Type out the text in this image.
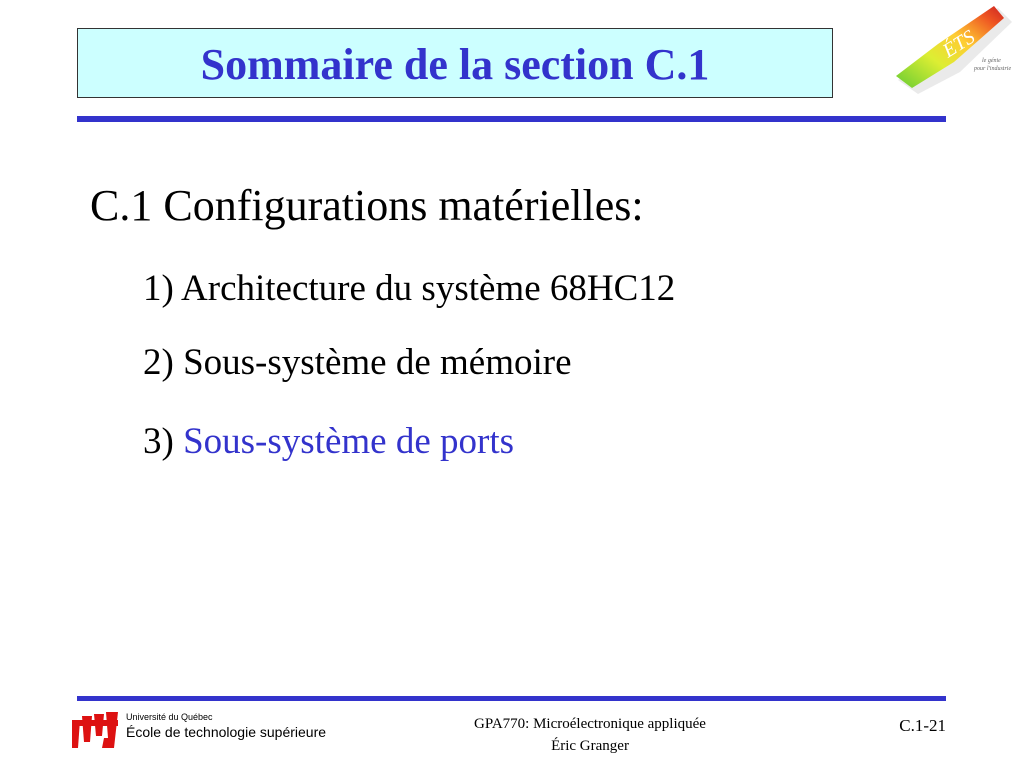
Sommaire de la section C.1	ÉTS le génie
pour l'industrie
C.1 Configurations matérielles:
1) Architecture du système 68HC12
2) Sous-système de mémoire
3) Sous-système de ports
Université du Québec
École de technologie supérieure	GPA770: Microélectronique appliquée
Éric Granger
C.1-21
